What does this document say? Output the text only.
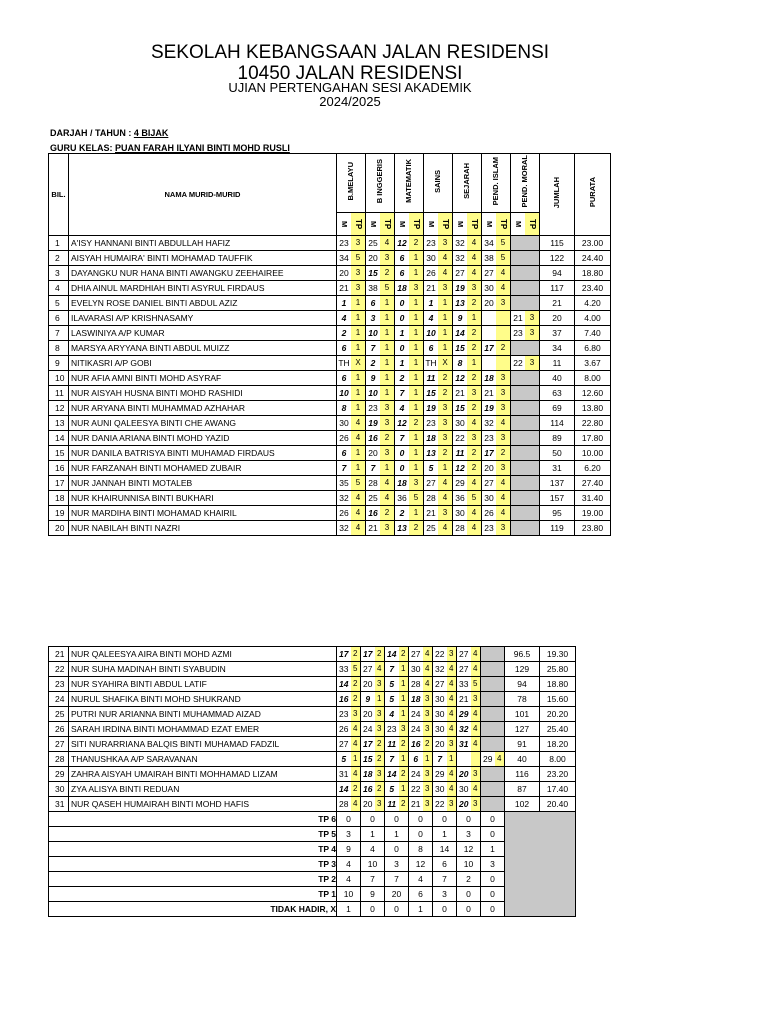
SEKOLAH KEBANGSAAN JALAN RESIDENSI
10450 JALAN RESIDENSI
UJIAN PERTENGAHAN SESI AKADEMIK
2024/2025
DARJAH / TAHUN : 4 BIJAK
GURU KELAS: PUAN FARAH ILYANI BINTI MOHD RUSLI
BIL.	NAMA MURID-MURID	B.MELAYU		B INGGERIS		MATEMATIK		SAINS		SEJARAH		PEND. ISLAM		PEND. MORAL		JUMLAH	PURATA
		M	TP	M	TP	M	TP	M	TP	M	TP	M	TP	M	TP		
1	A'ISY HANNANI BINTI ABDULLAH HAFIZ	23	3	25	4	12	2	23	3	32	4	34	5			115	23.00
2	AISYAH HUMAIRA' BINTI MOHAMAD TAUFFIK	34	5	20	3	6	1	30	4	32	4	38	5			122	24.40
3	DAYANGKU NUR HANA BINTI AWANGKU ZEEHAIREE	20	3	15	2	6	1	26	4	27	4	27	4			94	18.80
4	DHIA AINUL MARDHIAH BINTI ASYRUL FIRDAUS	21	3	38	5	18	3	21	3	19	3	30	4			117	23.40
5	EVELYN ROSE DANIEL BINTI ABDUL AZIZ	1	1	6	1	0	1	1	1	13	2	20	3			21	4.20
6	ILAVARASI A/P KRISHNASAMY	4	1	3	1	0	1	4	1	9	1			21	3	20	4.00
7	LASWINIYA A/P KUMAR	2	1	10	1	1	1	10	1	14	2			23	3	37	7.40
8	MARSYA ARYYANA BINTI ABDUL MUIZZ	6	1	7	1	0	1	6	1	15	2	17	2			34	6.80
9	NITIKASRI A/P GOBI	TH	X	2	1	1	1	TH	X	8	1			22	3	11	3.67
10	NUR AFIA AMNI BINTI MOHD ASYRAF	6	1	9	1	2	1	11	2	12	2	18	3			40	8.00
11	NUR AISYAH HUSNA BINTI MOHD RASHIDI	10	1	10	1	7	1	15	2	21	3	21	3			63	12.60
12	NUR ARYANA BINTI MUHAMMAD AZHAHAR	8	1	23	3	4	1	19	3	15	2	19	3			69	13.80
13	NUR AUNI QALEESYA BINTI CHE AWANG	30	4	19	3	12	2	23	3	30	4	32	4			114	22.80
14	NUR DANIA ARIANA BINTI MOHD YAZID	26	4	16	2	7	1	18	3	22	3	23	3			89	17.80
15	NUR DANILA BATRISYA BINTI MUHAMAD FIRDAUS	6	1	20	3	0	1	13	2	11	2	17	2			50	10.00
16	NUR FARZANAH BINTI MOHAMED ZUBAIR	7	1	7	1	0	1	5	1	12	2	20	3			31	6.20
17	NUR JANNAH BINTI MOTALEB	35	5	28	4	18	3	27	4	29	4	27	4			137	27.40
18	NUR KHAIRUNNISA BINTI BUKHARI	32	4	25	4	36	5	28	4	36	5	30	4			157	31.40
19	NUR MARDIHA BINTI MOHAMAD KHAIRIL	26	4	16	2	2	1	21	3	30	4	26	4			95	19.00
20	NUR NABILAH BINTI NAZRI	32	4	21	3	13	2	25	4	28	4	23	3			119	23.80
21	NUR QALEESYA AIRA BINTI MOHD AZMI	17	2	17	2	14	2	27	4	22	3	27	4			96.5	19.30
22	NUR SUHA MADINAH BINTI SYABUDIN	33	5	27	4	7	1	30	4	32	4	27	4			129	25.80
23	NUR SYAHIRA BINTI ABDUL LATIF	14	2	20	3	5	1	28	4	27	4	33	5			94	18.80
24	NURUL SHAFIKA BINTI MOHD SHUKRAND	16	2	9	1	5	1	18	3	30	4	21	3			78	15.60
25	PUTRI NUR ARIANNA BINTI MUHAMMAD AIZAD	23	3	20	3	4	1	24	3	30	4	29	4			101	20.20
26	SARAH IRDINA BINTI MOHAMMAD EZAT EMER	26	4	24	3	23	3	24	3	30	4	32	4			127	25.40
27	SITI NURARRIANA BALQIS BINTI MUHAMAD FADZIL	27	4	17	2	11	2	16	2	20	3	31	4			91	18.20
28	THANUSHKAA A/P SARAVANAN	5	1	15	2	7	1	6	1	7	1			29	4	40	8.00
29	ZAHRA AISYAH UMAIRAH BINTI MOHHAMAD LIZAM	31	4	18	3	14	2	24	3	29	4	20	3			116	23.20
30	ZYA ALISYA BINTI REDUAN	14	2	16	2	5	1	22	3	30	4	30	4			87	17.40
31	NUR QASEH HUMAIRAH BINTI MOHD HAFIS	28	4	20	3	11	2	21	3	22	3	20	3			102	20.40
TP 6		0		0		0		0		0		0		0			
TP 5		3		1		1		0		1		3		0			
TP 4		9		4		0		8		14		12		1			
TP 3		4		10		3		12		6		10		3			
TP 2		4		7		7		4		7		2		0			
TP 1		10		9		20		6		3		0		0			
TIDAK HADIR, X		1		0		0		1		0		0		0			
